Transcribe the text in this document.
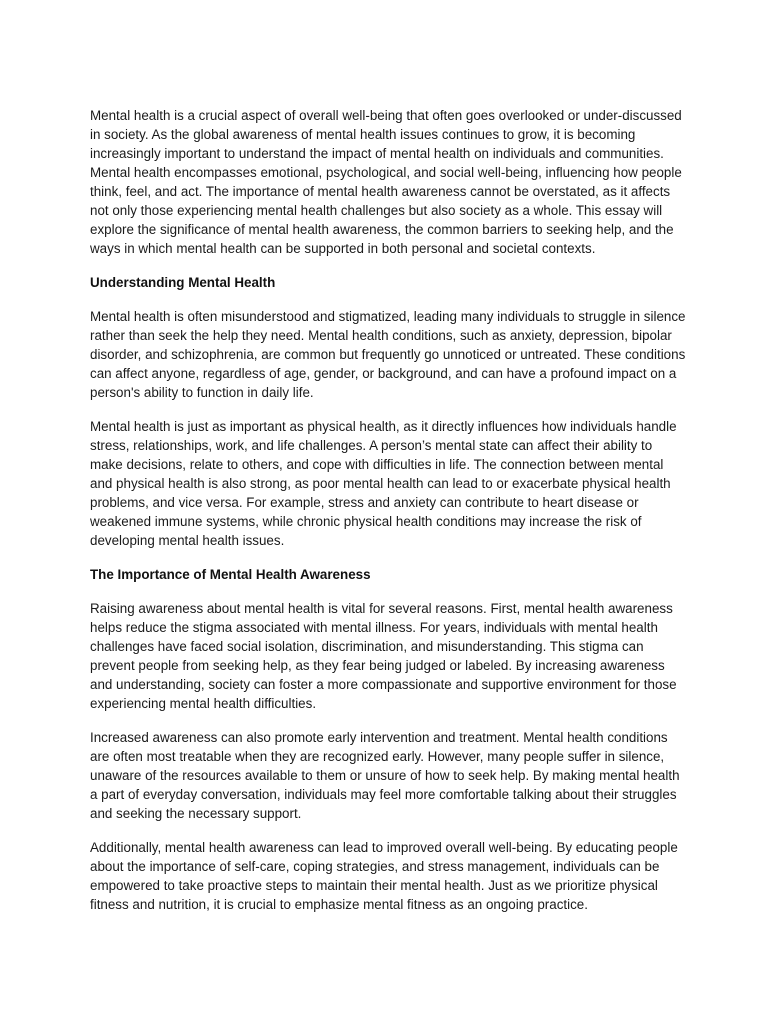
Mental health is a crucial aspect of overall well-being that often goes overlooked or under-discussed in society. As the global awareness of mental health issues continues to grow, it is becoming increasingly important to understand the impact of mental health on individuals and communities. Mental health encompasses emotional, psychological, and social well-being, influencing how people think, feel, and act. The importance of mental health awareness cannot be overstated, as it affects not only those experiencing mental health challenges but also society as a whole. This essay will explore the significance of mental health awareness, the common barriers to seeking help, and the ways in which mental health can be supported in both personal and societal contexts.

Understanding Mental Health

Mental health is often misunderstood and stigmatized, leading many individuals to struggle in silence rather than seek the help they need. Mental health conditions, such as anxiety, depression, bipolar disorder, and schizophrenia, are common but frequently go unnoticed or untreated. These conditions can affect anyone, regardless of age, gender, or background, and can have a profound impact on a person's ability to function in daily life.

Mental health is just as important as physical health, as it directly influences how individuals handle stress, relationships, work, and life challenges. A person’s mental state can affect their ability to make decisions, relate to others, and cope with difficulties in life. The connection between mental and physical health is also strong, as poor mental health can lead to or exacerbate physical health problems, and vice versa. For example, stress and anxiety can contribute to heart disease or weakened immune systems, while chronic physical health conditions may increase the risk of developing mental health issues.

The Importance of Mental Health Awareness

Raising awareness about mental health is vital for several reasons. First, mental health awareness helps reduce the stigma associated with mental illness. For years, individuals with mental health challenges have faced social isolation, discrimination, and misunderstanding. This stigma can prevent people from seeking help, as they fear being judged or labeled. By increasing awareness and understanding, society can foster a more compassionate and supportive environment for those experiencing mental health difficulties.

Increased awareness can also promote early intervention and treatment. Mental health conditions are often most treatable when they are recognized early. However, many people suffer in silence, unaware of the resources available to them or unsure of how to seek help. By making mental health a part of everyday conversation, individuals may feel more comfortable talking about their struggles and seeking the necessary support.

Additionally, mental health awareness can lead to improved overall well-being. By educating people about the importance of self-care, coping strategies, and stress management, individuals can be empowered to take proactive steps to maintain their mental health. Just as we prioritize physical fitness and nutrition, it is crucial to emphasize mental fitness as an ongoing practice.
